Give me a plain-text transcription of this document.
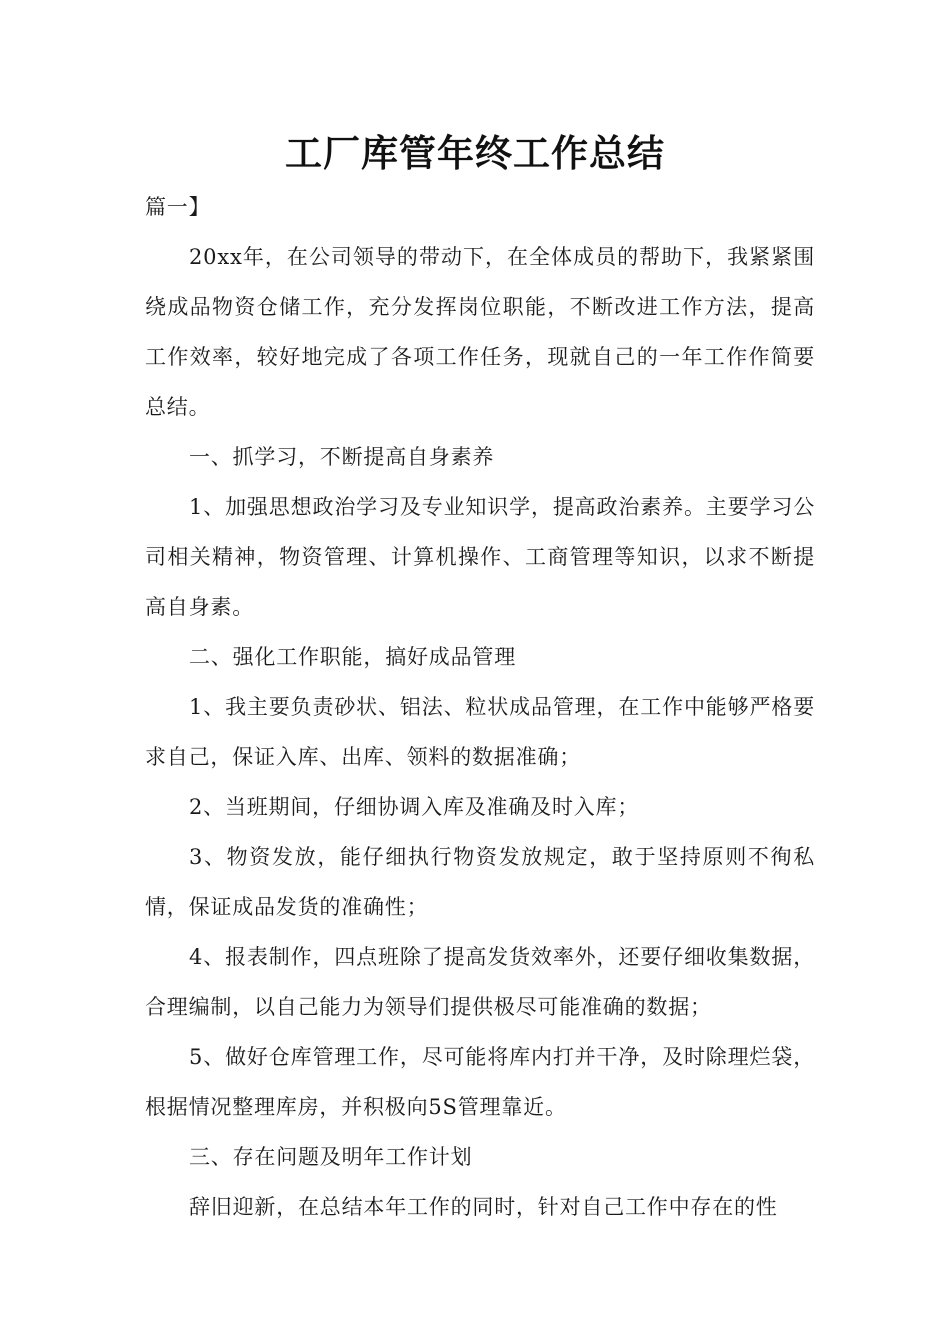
工厂库管年终工作总结

篇一】

20xx年，在公司领导的带动下，在全体成员的帮助下，我紧紧围绕成品物资仓储工作，充分发挥岗位职能，不断改进工作方法，提高工作效率，较好地完成了各项工作任务，现就自己的一年工作作简要总结。

一、抓学习，不断提高自身素养

1、加强思想政治学习及专业知识学，提高政治素养。主要学习公司相关精神，物资管理、计算机操作、工商管理等知识，以求不断提高自身素。

二、强化工作职能，搞好成品管理

1、我主要负责砂状、铝法、粒状成品管理，在工作中能够严格要求自己，保证入库、出库、领料的数据准确；

2、当班期间，仔细协调入库及准确及时入库；

3、物资发放，能仔细执行物资发放规定，敢于坚持原则不徇私情，保证成品发货的准确性；

4、报表制作，四点班除了提高发货效率外，还要仔细收集数据，合理编制，以自己能力为领导们提供极尽可能准确的数据；

5、做好仓库管理工作，尽可能将库内打并干净，及时除理烂袋，根据情况整理库房，并积极向5S管理靠近。

三、存在问题及明年工作计划

辞旧迎新，在总结本年工作的同时，针对自己工作中存在的性
